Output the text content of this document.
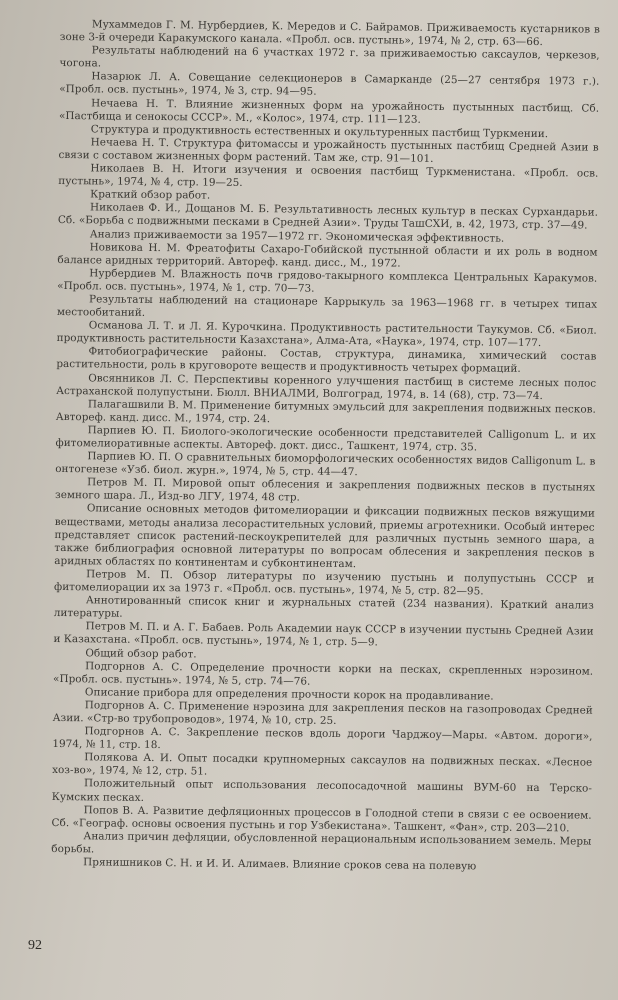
Мухаммедов Г. М. Нурбердиев, К. Мередов и С. Байрамов. Приживаемость кустарников в зоне 3-й очереди Каракумского канала. «Пробл. осв. пустынь», 1974, № 2, стр. 63—66.

Результаты наблюдений на 6 участках 1972 г. за приживаемостью саксаулов, черкезов, чогона.

Назарюк Л. А. Совещание селекционеров в Самарканде (25—27 сентября 1973 г.). «Пробл. осв. пустынь», 1974, № 3, стр. 94—95.

Нечаева Н. Т. Влияние жизненных форм на урожайность пустынных пастбищ. Сб. «Пастбища и сенокосы СССР». М., «Колос», 1974, стр. 111—123.

Структура и продуктивность естественных и окультуренных пастбищ Туркмении.

Нечаева Н. Т. Структура фитомассы и урожайность пустынных пастбищ Средней Азии в связи с составом жизненных форм растений. Там же, стр. 91—101.

Николаев В. Н. Итоги изучения и освоения пастбищ Туркменистана. «Пробл. осв. пустынь», 1974, № 4, стр. 19—25.

Краткий обзор работ.

Николаев Ф. И., Дощанов М. Б. Результативность лесных культур в песках Сурхандарьи. Сб. «Борьба с подвижными песками в Средней Азии». Труды ТашСХИ, в. 42, 1973, стр. 37—49.

Анализ приживаемости за 1957—1972 гг. Экономическая эффективность.

Новикова Н. М. Фреатофиты Сахаро-Гобийской пустынной области и их роль в водном балансе аридных территорий. Автореф. канд. дисс., М., 1972.

Нурбердиев М. Влажность почв грядово-такырного комплекса Центральных Каракумов. «Пробл. осв. пустынь», 1974, № 1, стр. 70—73.

Результаты наблюдений на стационаре Каррыкуль за 1963—1968 гг. в четырех типах местообитаний.

Османова Л. Т. и Л. Я. Курочкина. Продуктивность растительности Таукумов. Сб. «Биол. продуктивность растительности Казахстана», Алма-Ата, «Наука», 1974, стр. 107—177.

Фитобиографические районы. Состав, структура, динамика, химический состав растительности, роль в круговороте веществ и продуктивность четырех формаций.

Овсянников Л. С. Перспективы коренного улучшения пастбищ в системе лесных полос Астраханской полупустыни. Бюлл. ВНИАЛМИ, Волгоград, 1974, в. 14 (68), стр. 73—74.

Палагашвили В. М. Применение битумных эмульсий для закрепления подвижных песков. Автореф. канд. дисс. М., 1974, стр. 24.

Парпиев Ю. П. Биолого-экологические особенности представителей Calligonum L. и их фитомелиоративные аспекты. Автореф. докт. дисс., Ташкент, 1974, стр. 35.

Парпиев Ю. П. О сравнительных биоморфологических особенностях видов Calligonum L. в онтогенезе «Узб. биол. журн.», 1974, № 5, стр. 44—47.

Петров М. П. Мировой опыт облесения и закрепления подвижных песков в пустынях земного шара. Л., Изд-во ЛГУ, 1974, 48 стр.

Описание основных методов фитомелиорации и фиксации подвижных песков вяжущими веществами, методы анализа лесорастительных условий, приемы агротехники. Особый интерес представляет список растений-пескоукрепителей для различных пустынь земного шара, а также библиография основной литературы по вопросам облесения и закрепления песков в аридных областях по континентам и субконтинентам.

Петров М. П. Обзор литературы по изучению пустынь и полупустынь СССР и фитомелиорации их за 1973 г. «Пробл. осв. пустынь», 1974, № 5, стр. 82—95.

Аннотированный список книг и журнальных статей (234 названия). Краткий анализ литературы.

Петров М. П. и А. Г. Бабаев. Роль Академии наук СССР в изучении пустынь Средней Азии и Казахстана. «Пробл. осв. пустынь», 1974, № 1, стр. 5—9.

Общий обзор работ.

Подгорнов А. С. Определение прочности корки на песках, скрепленных нэрозином. «Пробл. осв. пустынь». 1974, № 5, стр. 74—76.

Описание прибора для определения прочности корок на продавливание.

Подгорнов А. С. Применение нэрозина для закрепления песков на газопроводах Средней Азии. «Стр-во трубопроводов», 1974, № 10, стр. 25.

Подгорнов А. С. Закрепление песков вдоль дороги Чарджоу—Мары. «Автом. дороги», 1974, № 11, стр. 18.

Полякова А. И. Опыт посадки крупномерных саксаулов на подвижных песках. «Лесное хоз-во», 1974, № 12, стр. 51.

Положительный опыт использования лесопосадочной машины ВУМ-60 на Терско-Кумских песках.

Попов В. А. Развитие дефляционных процессов в Голодной степи в связи с ее освоением. Сб. «Географ. основы освоения пустынь и гор Узбекистана». Ташкент, «Фан», стр. 203—210.

Анализ причин дефляции, обусловленной нерациональным использованием земель. Меры борьбы.

Прянишников С. Н. и И. И. Алимаев. Влияние сроков сева на полевую

92
